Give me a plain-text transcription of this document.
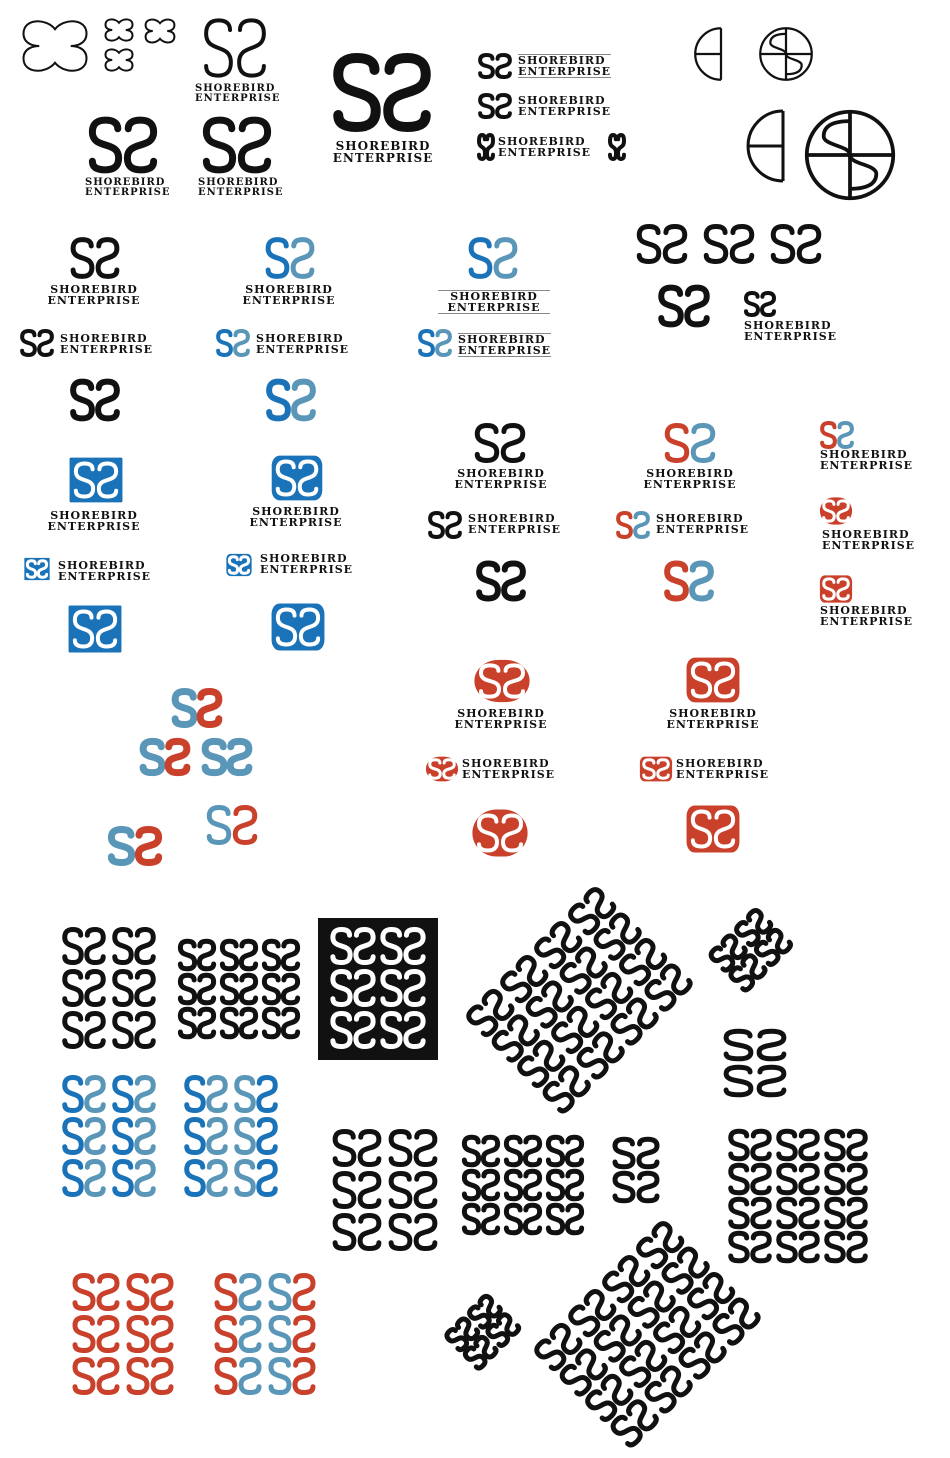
SHOREBIRD
ENTERPRISE
SHOREBIRD
ENTERPRISE
SHOREBIRD
ENTERPRISE
SHOREBIRD
ENTERPRISE
SHOREBIRD
ENTERPRISE
SHOREBIRD
ENTERPRISE
SHOREBIRD
ENTERPRISE
SHOREBIRD
ENTERPRISE
SHOREBIRD
ENTERPRISE	SHOREBIRD
ENTERPRISE
SHOREBIRD
ENTERPRISE
SHOREBIRD
ENTERPRISE
SHOREBIRD
ENTERPRISE
SHOREBIRD
ENTERPRISE
SHOREBIRD
ENTERPRISE
SHOREBIRD
ENTERPRISE
SHOREBIRD
ENTERPRISE
SHOREBIRD
ENTERPRISE
SHOREBIRD
ENTERPRISE
SHOREBIRD
ENTERPRISE
SHOREBIRD
ENTERPRISE
SHOREBIRD
ENTERPRISE
SHOREBIRD
ENTERPRISE
SHOREBIRD
ENTERPRISE
SHOREBIRD
ENTERPRISE
SHOREBIRD
ENTERPRISE
SHOREBIRD
ENTERPRISE
SHOREBIRD
ENTERPRISE
SHOREBIRD
ENTERPRISE
